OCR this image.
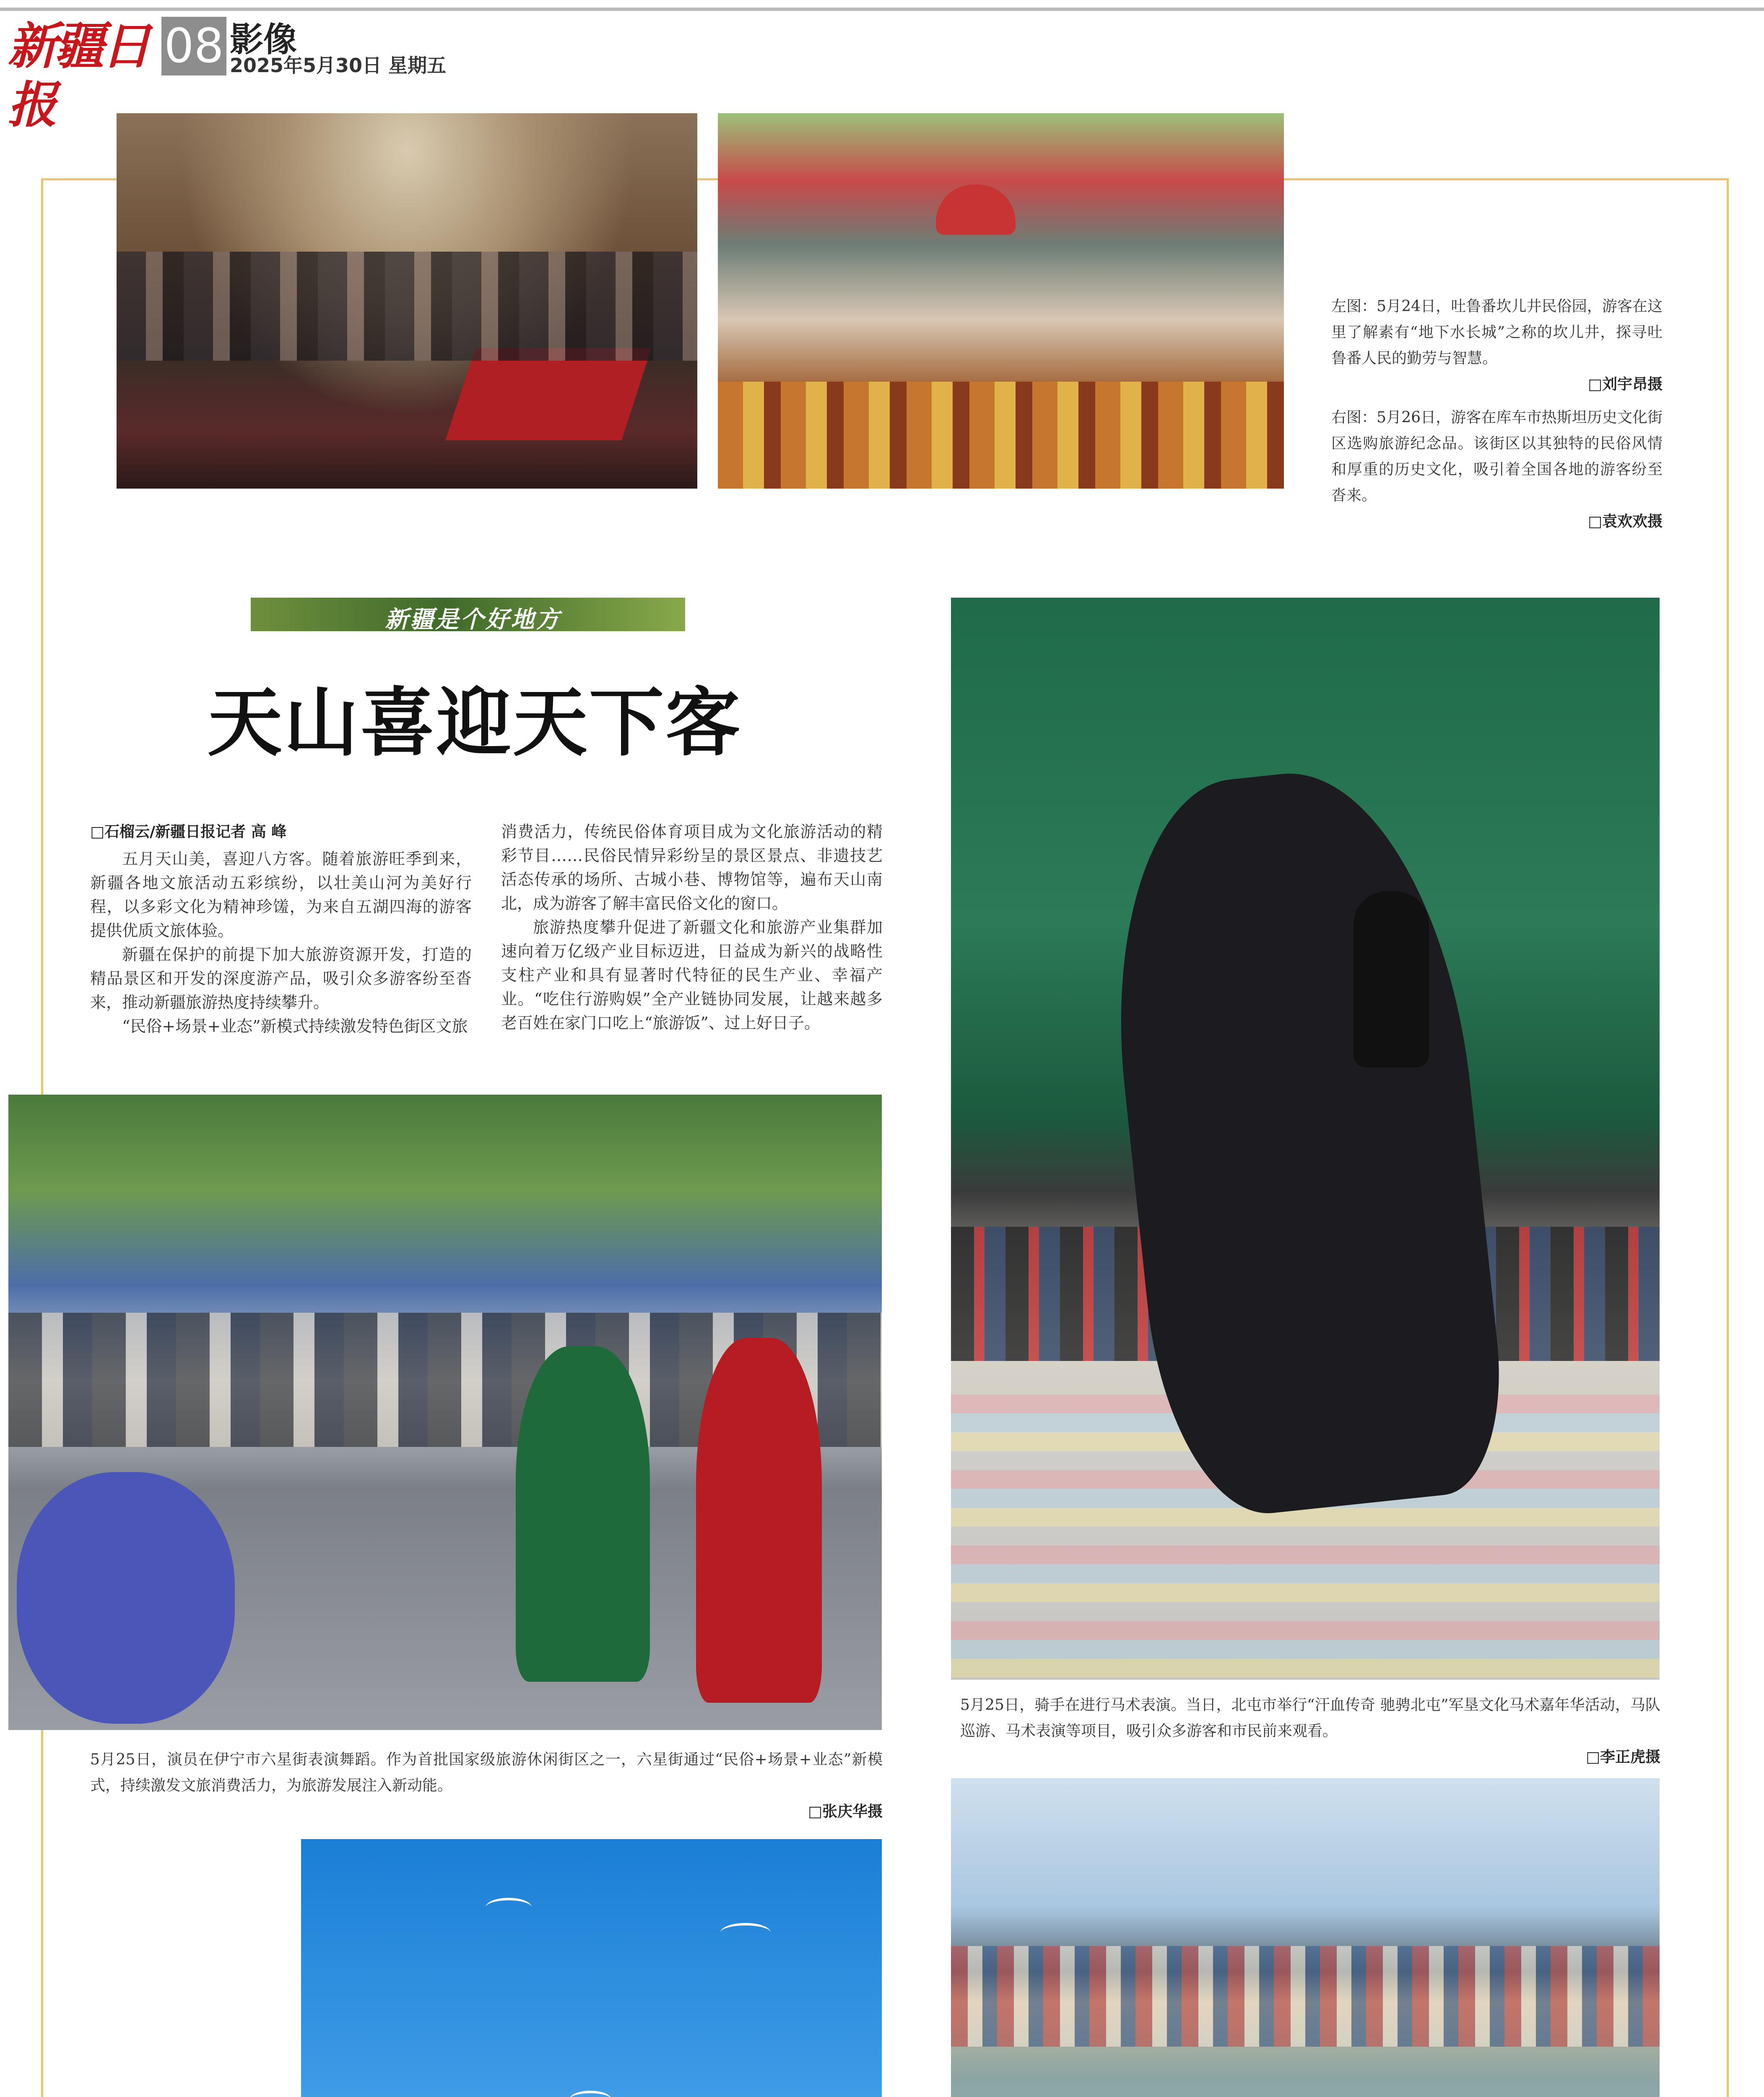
新疆日报
08 影像
2025年5月30日 星期五
左图：5月24日，吐鲁番坎儿井民俗园，游客在这里了解素有“地下水长城”之称的坎儿井，探寻吐鲁番人民的勤劳与智慧。
□刘宇昂摄
右图：5月26日，游客在库车市热斯坦历史文化街区选购旅游纪念品。该街区以其独特的民俗风情和厚重的历史文化，吸引着全国各地的游客纷至沓来。
□袁欢欢摄
新疆是个好地方
天山喜迎天下客
□石榴云/新疆日报记者 高 峰

五月天山美，喜迎八方客。随着旅游旺季到来，新疆各地文旅活动五彩缤纷，以壮美山河为美好行程，以多彩文化为精神珍馐，为来自五湖四海的游客提供优质文旅体验。

新疆在保护的前提下加大旅游资源开发，打造的精品景区和开发的深度游产品，吸引众多游客纷至沓来，推动新疆旅游热度持续攀升。

“民俗+场景+业态”新模式持续激发特色街区文旅

消费活力，传统民俗体育项目成为文化旅游活动的精彩节目……民俗民情异彩纷呈的景区景点、非遗技艺活态传承的场所、古城小巷、博物馆等，遍布天山南北，成为游客了解丰富民俗文化的窗口。

旅游热度攀升促进了新疆文化和旅游产业集群加速向着万亿级产业目标迈进，日益成为新兴的战略性支柱产业和具有显著时代特征的民生产业、幸福产业。“吃住行游购娱”全产业链协同发展，让越来越多老百姓在家门口吃上“旅游饭”、过上好日子。

5月25日，骑手在进行马术表演。当日，北屯市举行“汗血传奇 驰骋北屯”军垦文化马术嘉年华活动，马队巡游、马术表演等项目，吸引众多游客和市民前来观看。
□李正虎摄
5月25日，演员在伊宁市六星街表演舞蹈。作为首批国家级旅游休闲街区之一，六星街通过“民俗+场景+业态”新模式，持续激发文旅消费活力，为旅游发展注入新动能。
□张庆华摄
